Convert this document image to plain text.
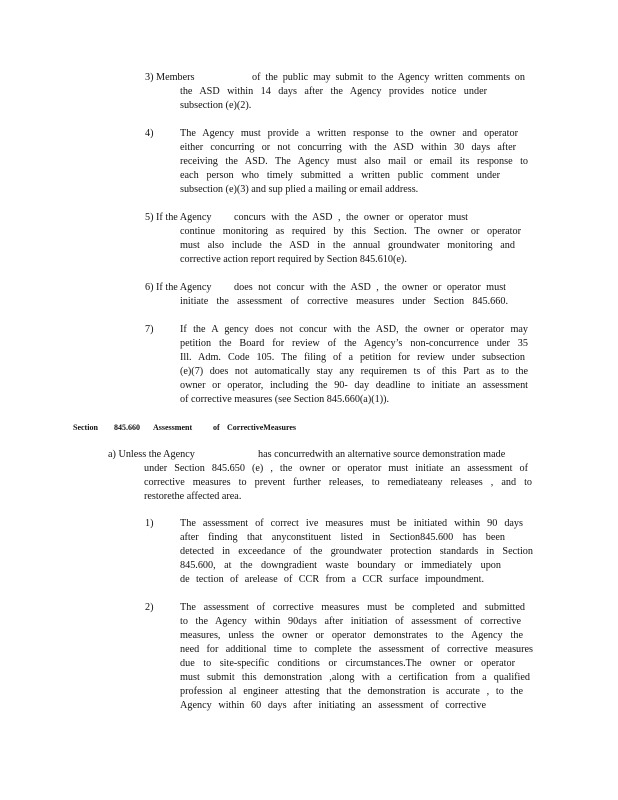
3) Members	of the public may submit to the Agency written comments on
the ASD within 14 days after the Agency provides notice under
subsection (e)(2).
4)	The Agency must provide a written response to the owner and operator
either concurring or not concurring with the ASD within 30 days after
receiving the ASD. The Agency must also mail or email its response to
each person who timely submitted a written public comment under
subsection (e)(3) and sup plied a mailing or email address.
5) If the Agency concurs with the ASD , the owner or operator must
continue monitoring as required by this Section. The owner or operator
must also include the ASD in the annual groundwater monitoring and
corrective action report required by Section 845.610(e).
6) If the Agency does not concur with the ASD , the owner or operator must
initiate the assessment of corrective measures under Section 845.660.
7)	If the A gency does not concur with the ASD, the owner or operator may
petition the Board for review of the Agency’s non-concurrence under 35
Ill. Adm. Code 105. The filing of a petition for review under subsection
(e)(7) does not automatically stay any requiremen ts of this Part as to the
owner or operator, including the 90- day deadline to initiate an assessment
of corrective measures (see Section 845.660(a)(1)).
Section 845.660 Assessment	of CorrectiveMeasures
a) Unless the Agency	has concurredwith an alternative source demonstration made
under Section 845.650 (e) , the owner or operator must initiate an assessment of
corrective measures to prevent further releases, to remediateany releases , and to
restorethe affected area.
1)	The assessment of correct ive measures must be initiated within 90 days
after finding that anyconstituent listed in Section845.600 has been
detected in exceedance of the groundwater protection standards in Section
845.600, at the downgradient waste boundary or immediately upon
de tection of arelease of CCR from a CCR surface impoundment.
2)	The assessment of corrective measures must be completed and submitted
to the Agency within 90days after initiation of assessment of corrective
measures, unless the owner or operator demonstrates to the Agency the
need for additional time to complete the assessment of corrective measures
due to site-specific conditions or circumstances.The owner or operator
must submit this demonstration ,along with a certification from a qualified
profession al engineer attesting that the demonstration is accurate , to the
Agency within 60 days after initiating an assessment of corrective
